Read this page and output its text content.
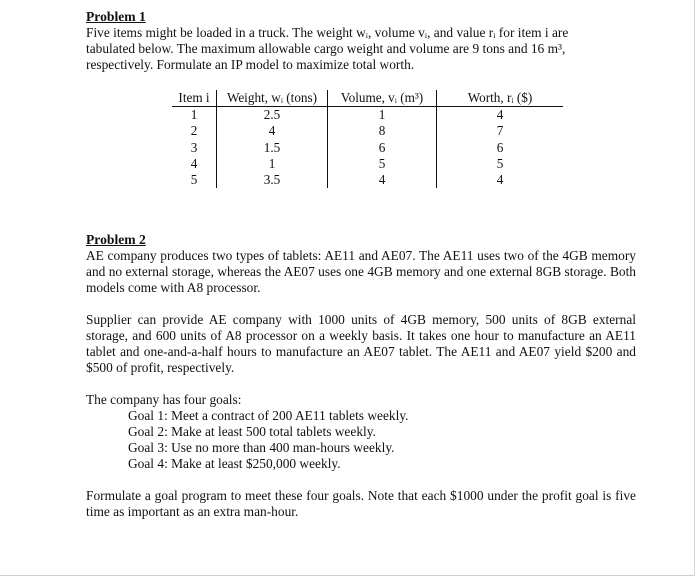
Problem 1

Five items might be loaded in a truck. The weight wᵢ, volume vᵢ, and value rᵢ for item i are

tabulated below. The maximum allowable cargo weight and volume are 9 tons and 16 m³,

respectively. Formulate an IP model to maximize total worth.

Item i	Weight, wᵢ (tons)	Volume, vᵢ (m³)	Worth, rᵢ ($)
1	2.5	1	4
2	4	8	7
3	1.5	6	6
4	1	5	5
5	3.5	4	4
Problem 2

AE company produces two types of tablets: AE11 and AE07. The AE11 uses two of the 4GB memory and no external storage, whereas the AE07 uses one 4GB memory and one external 8GB storage. Both models come with A8 processor.

Supplier can provide AE company with 1000 units of 4GB memory, 500 units of 8GB external storage, and 600 units of A8 processor on a weekly basis. It takes one hour to manufacture an AE11 tablet and one-and-a-half hours to manufacture an AE07 tablet. The AE11 and AE07 yield $200 and $500 of profit, respectively.

The company has four goals:

Goal 1: Meet a contract of 200 AE11 tablets weekly.
Goal 2: Make at least 500 total tablets weekly.
Goal 3: Use no more than 400 man-hours weekly.
Goal 4: Make at least $250,000 weekly.

Formulate a goal program to meet these four goals. Note that each $1000 under the profit goal is five time as important as an extra man-hour.
